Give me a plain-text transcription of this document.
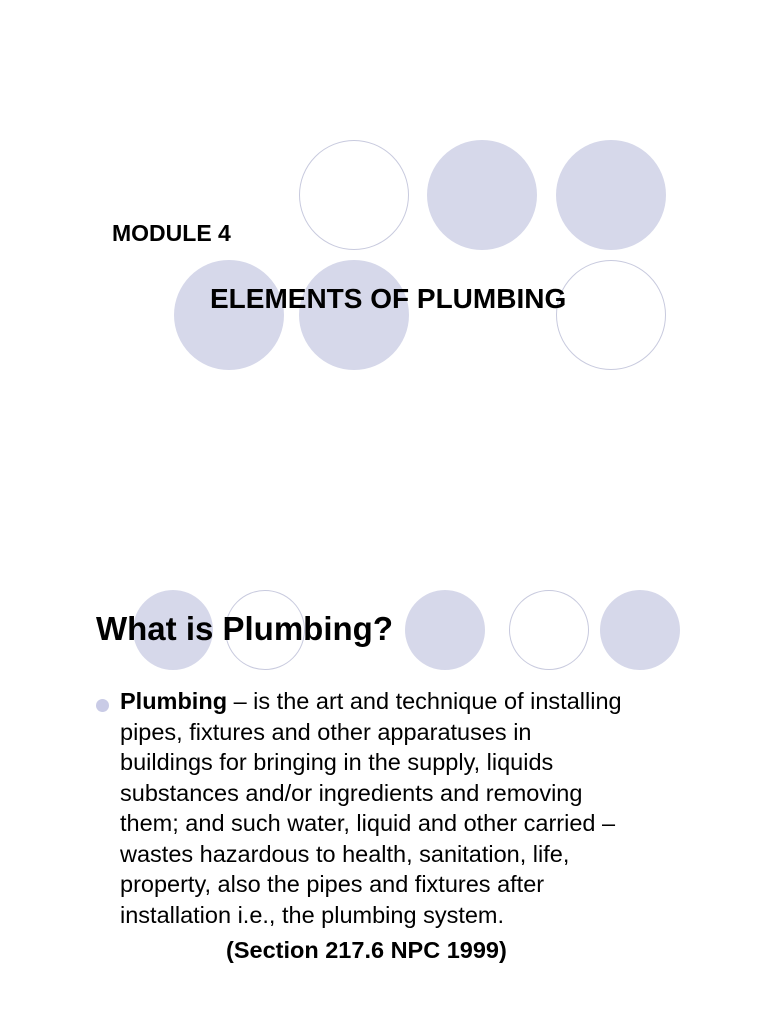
MODULE 4
ELEMENTS OF PLUMBING
What is Plumbing?
Plumbing – is the art and technique of installing
pipes, fixtures and other apparatuses in
buildings for bringing in the supply, liquids
substances and/or ingredients and removing
them; and such water, liquid and other carried –
wastes hazardous to health, sanitation, life,
property, also the pipes and fixtures after
installation i.e., the plumbing system.
(Section 217.6 NPC 1999)
